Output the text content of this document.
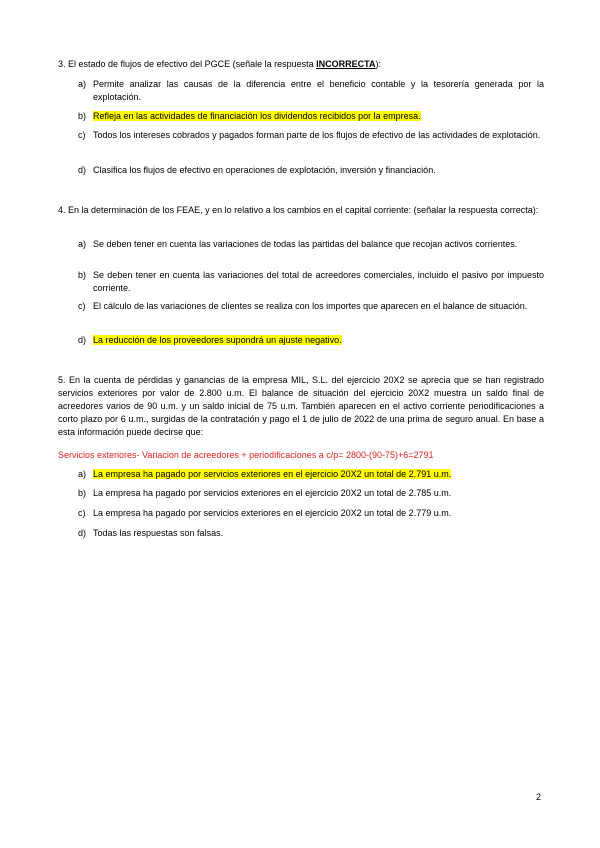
3. El estado de flujos de efectivo del PGCE (señale la respuesta INCORRECTA):

a) Permite analizar las causas de la diferencia entre el beneficio contable y la tesorería generada por la explotación.
b) Refleja en las actividades de financiación los dividendos recibidos por la empresa.
c) Todos los intereses cobrados y pagados forman parte de los flujos de efectivo de las actividades de explotación.
d) Clasifica los flujos de efectivo en operaciones de explotación, inversión y financiación.

4. En la determinación de los FEAE, y en lo relativo a los cambios en el capital corriente: (señalar la respuesta correcta):

a) Se deben tener en cuenta las variaciones de todas las partidas del balance que recojan activos corrientes.
b) Se deben tener en cuenta las variaciones del total de acreedores comerciales, incluido el pasivo por impuesto corriente.
c) El cálculo de las variaciones de clientes se realiza con los importes que aparecen en el balance de situación.
d) La reducción de los proveedores supondrá un ajuste negativo.

5. En la cuenta de pérdidas y ganancias de la empresa MIL, S.L. del ejercicio 20X2 se aprecia que se han registrado servicios exteriores por valor de 2.800 u.m. El balance de situación del ejercicio 20X2 muestra un saldo final de acreedores varios de 90 u.m. y un saldo inicial de 75 u.m. También aparecen en el activo corriente periodificaciones a corto plazo por 6 u.m., surgidas de la contratación y pago el 1 de julio de 2022 de una prima de seguro anual. En base a esta información puede decirse que:

Servicios exteriores- Variacion de acreedores + periodificaciones a c/p= 2800-(90-75)+6=2791
a) La empresa ha pagado por servicios exteriores en el ejercicio 20X2 un total de 2.791 u.m.
b) La empresa ha pagado por servicios exteriores en el ejercicio 20X2 un total de 2.785 u.m.
c) La empresa ha pagado por servicios exteriores en el ejercicio 20X2 un total de 2.779 u.m.
d) Todas las respuestas son falsas.
2
